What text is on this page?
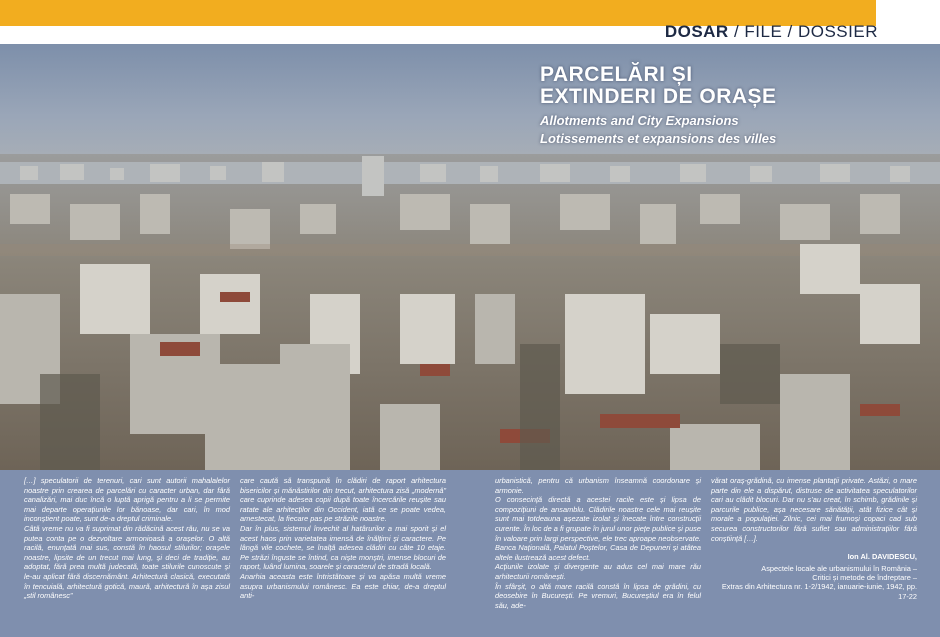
DOSAR / FILE / DOSSIER
PARCELĂRI ȘI
EXTINDERI DE ORAȘE

Allotments and City Expansions
Lotissements et expansions des villes

[…] speculatorii de terenuri, cari sunt autorii mahalalelor noastre prin crearea de parcelări cu caracter urban, dar fără canalizări, mai duc încă o luptă aprigă pentru a li se permite mai departe operațiunile lor bănoase, dar cari, în mod inconștient poate, sunt de-a dreptul criminale.

Câtă vreme nu va fi suprimat din rădăcină acest rău, nu se va putea conta pe o dezvoltare armonioasă a orașelor. O altă racilă, enunțată mai sus, constă în haosul stilurilor; orașele noastre, lipsite de un trecut mai lung, și deci de tradiție, au adoptat, fără prea multă judecată, toate stilurile cunoscute și le-au aplicat fără discernământ. Arhitectură clasică, executată în tencuială, arhitectură gotică, maură, arhitectură în așa zisul „stil românesc”

care caută să transpună în clădiri de raport arhitectura bisericilor și mănăstirilor din trecut, arhitectura zisă „modernă” care cuprinde adesea copii după toate încercările reușite sau ratate ale arhitecților din Occident, iată ce se poate vedea, amestecat, la fiecare pas pe străzile noastre.

Dar în plus, sistemul învechit al hatârurilor a mai sporit și el acest haos prin varietatea imensă de înălțimi și caractere. Pe lângă vile cochete, se înalță adesea clădiri cu câte 10 etaje. Pe străzi înguste se întind, ca niște monștri, imense blocuri de raport, luând lumina, soarele și caracterul de stradă locală.

Anarhia aceasta este întristătoare și va apăsa multă vreme asupra urbanismului românesc. Ea este chiar, de-a dreptul anti-

urbanistică, pentru că urbanism înseamnă coordonare și armonie.

O consecință directă a acestei racile este și lipsa de compozițiuni de ansamblu. Clădirile noastre cele mai reușite sunt mai totdeauna așezate izolat și înecate între construcții curente. În loc de a fi grupate în jurul unor piețe publice și puse în valoare prin largi perspective, ele trec aproape neobservate. Banca Națională, Palatul Poștelor, Casa de Depuneri și atâtea altele ilustrează acest defect.

Acțiunile izolate și divergente au adus cel mai mare rău arhitecturii românești.

În sfârșit, o altă mare racilă constă în lipsa de grădini, cu deosebire în București. Pe vremuri, Bucureștiul era în felul său, ade-

vărat oraș-grădină, cu imense plantații private. Astăzi, o mare parte din ele a dispărut, distruse de activitatea speculatorilor cari au clădit blocuri. Dar nu s’au creat, în schimb, grădinile și parcurile publice, așa necesare sănătății, atât fizice cât și morale a populației. Zilnic, cei mai frumoși copaci cad sub securea constructorilor fără suflet sau administrațiilor fără conștiință […].

Ion Al. DAVIDESCU,
Aspectele locale ale urbanismului în România –
Critici și metode de îndreptare –
Extras din Arhitectura nr. 1-2/1942, ianuarie-iunie, 1942, pp. 17-22
